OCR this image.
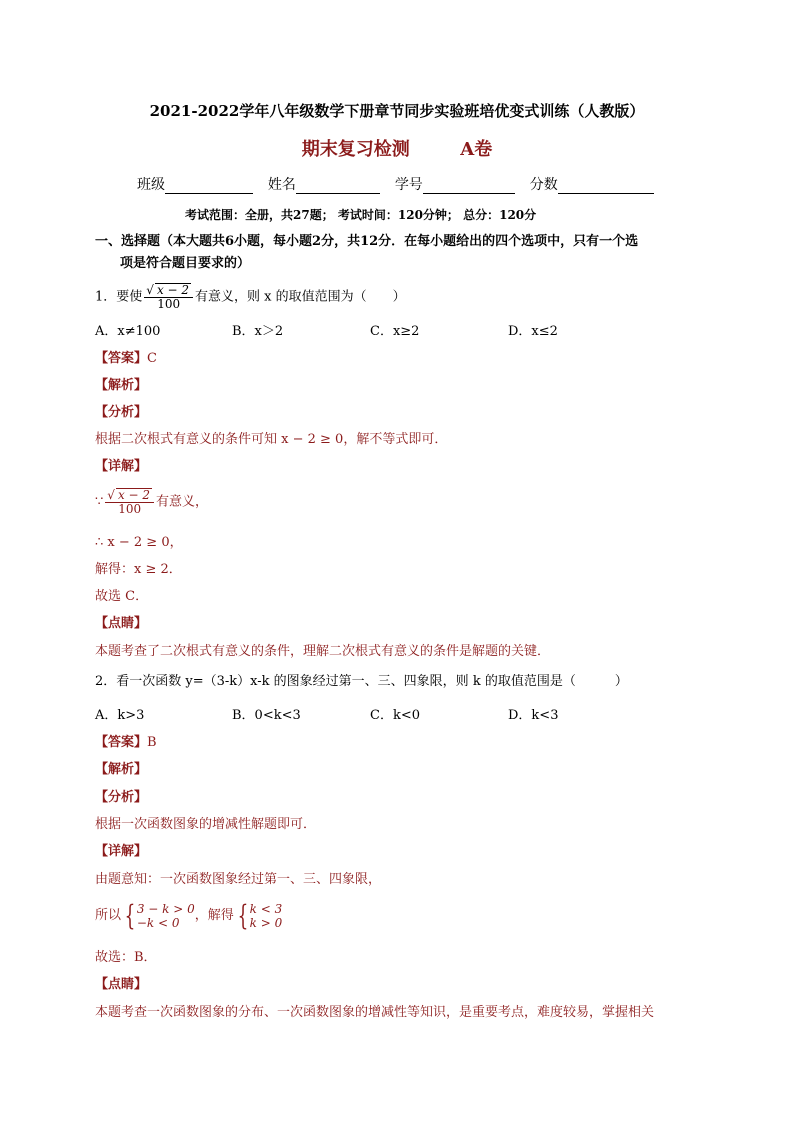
2021-2022学年八年级数学下册章节同步实验班培优变式训练（人教版）
期末复习检测	A卷
班级	姓名	学号	分数
考试范围：全册，共27题； 考试时间：120分钟； 总分：120分
一、选择题（本大题共6小题，每小题2分，共12分．在每小题给出的四个选项中，只有一个选
项是符合题目要求的）
1．要使 $\frac{√ x - 2}{100}$ 有意义，则 x 的取值范围为（　　）
A．x≠100	B．x＞2	C．x≥2	D．x≤2
【答案】C
【解析】
【分析】
根据二次根式有意义的条件可知 x − 2 ≥ 0，解不等式即可．
【详解】
∵ $\frac{√ x - 2}{100}$ 有意义，
∴ x − 2 ≥ 0，
解得：x ≥ 2．
故选 C．
【点睛】
本题考查了二次根式有意义的条件，理解二次根式有意义的条件是解题的关键．
2．看一次函数 y=（3-k）x-k 的图象经过第一、三、四象限，则 k 的取值范围是（　　　）
A．k>3	B．0<k<3	C．k<0	D．k<3
【答案】B
【解析】
【分析】
根据一次函数图象的增减性解题即可．
【详解】
由题意知：一次函数图象经过第一、三、四象限，
所以 { 3 − k > 0
−k < 0	，解得 { k < 3
k > 0
故选：B．
【点睛】
本题考查一次函数图象的分布、一次函数图象的增减性等知识，是重要考点，难度较易，掌握相关
